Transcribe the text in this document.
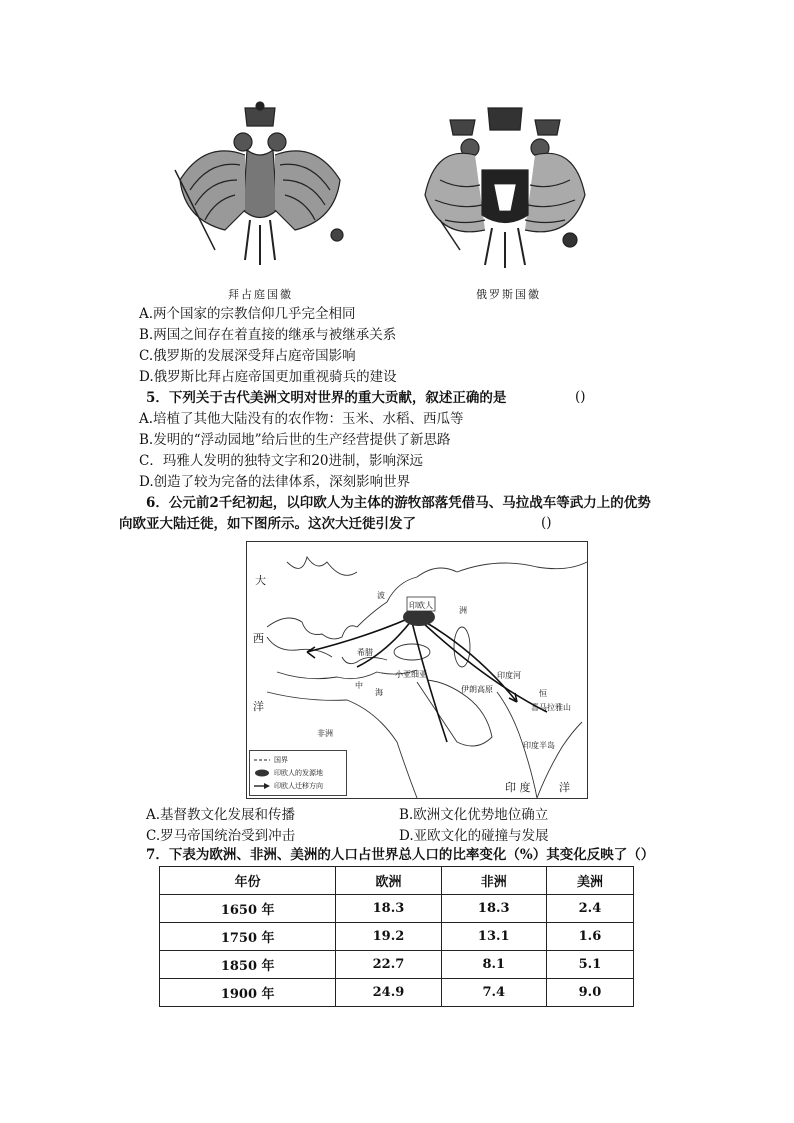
拜占庭国徽	俄罗斯国徽
A.两个国家的宗教信仰几乎完全相同
B.两国之间存在着直接的继承与被继承关系
C.俄罗斯的发展深受拜占庭帝国影响
D.俄罗斯比拜占庭帝国更加重视骑兵的建设
5．下列关于古代美洲文明对世界的重大贡献，叙述正确的是	()
A.培植了其他大陆没有的农作物：玉米、水稻、西瓜等
B.发明的“浮动园地”给后世的生产经营提供了新思路
C．玛雅人发明的独特文字和20进制，影响深远
D.创造了较为完备的法律体系，深刻影响世界
6．公元前2千纪初起，以印欧人为主体的游牧部落凭借马、马拉战车等武力上的优势
向欧亚大陆迁徙，如下图所示。这次大迁徙引发了	()
大
西
洋
印欧人
洲
波
希腊
小亚细亚
中
海
非洲
伊朗高原	恒
喜马拉雅山
印度半岛
印 度	洋
印度河
国界
印欧人的发源地
印欧人迁移方向
A.基督教文化发展和传播	B.欧洲文化优势地位确立
C.罗马帝国统治受到冲击	D.亚欧文化的碰撞与发展
7．下表为欧洲、非洲、美洲的人口占世界总人口的比率变化（%）其变化反映了（）
年份	欧洲	非洲	美洲
1650 年	18.3	18.3	2.4
1750 年	19.2	13.1	1.6
1850 年	22.7	8.1	5.1
1900 年	24.9	7.4	9.0
